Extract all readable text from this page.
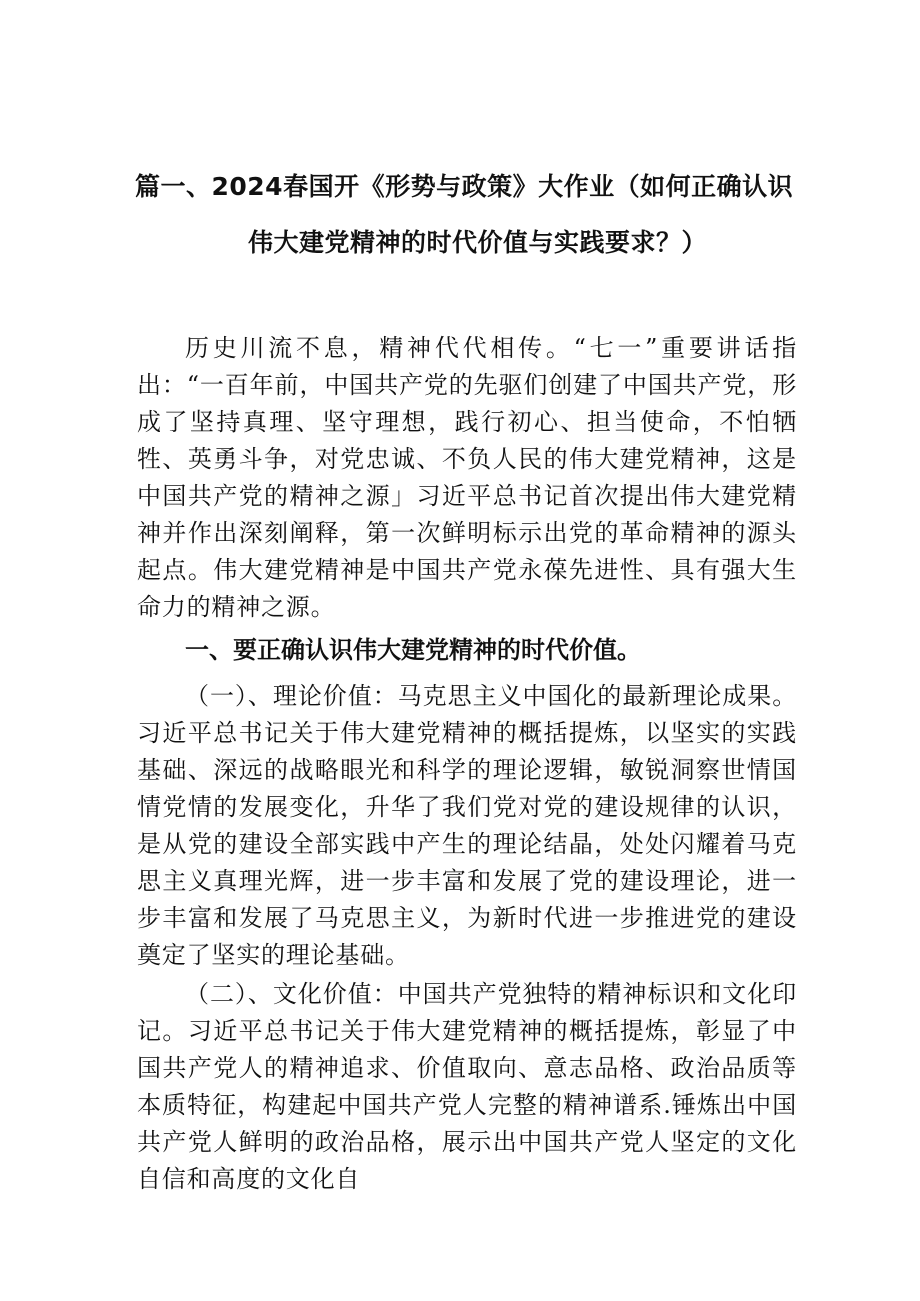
篇一、2024春国开《形势与政策》大作业（如何正确认识
伟大建党精神的时代价值与实践要求？）

历史川流不息，精神代代相传。“七一”重要讲话指出：“一百年前，中国共产党的先驱们创建了中国共产党，形成了坚持真理、坚守理想，践行初心、担当使命，不怕牺牲、英勇斗争，对党忠诚、不负人民的伟大建党精神，这是中国共产党的精神之源」习近平总书记首次提出伟大建党精神并作出深刻阐释，第一次鲜明标示出党的革命精神的源头起点。伟大建党精神是中国共产党永葆先进性、具有强大生命力的精神之源。

一、要正确认识伟大建党精神的时代价值。

（一）、理论价值：马克思主义中国化的最新理论成果。习近平总书记关于伟大建党精神的概括提炼，以坚实的实践基础、深远的战略眼光和科学的理论逻辑，敏锐洞察世情国情党情的发展变化，升华了我们党对党的建设规律的认识，是从党的建设全部实践中产生的理论结晶，处处闪耀着马克思主义真理光辉，进一步丰富和发展了党的建设理论，进一步丰富和发展了马克思主义，为新时代进一步推进党的建设奠定了坚实的理论基础。

（二）、文化价值：中国共产党独特的精神标识和文化印记。习近平总书记关于伟大建党精神的概括提炼，彰显了中国共产党人的精神追求、价值取向、意志品格、政治品质等本质特征，构建起中国共产党人完整的精神谱系.锤炼出中国共产党人鲜明的政治品格，展示出中国共产党人坚定的文化自信和高度的文化自
